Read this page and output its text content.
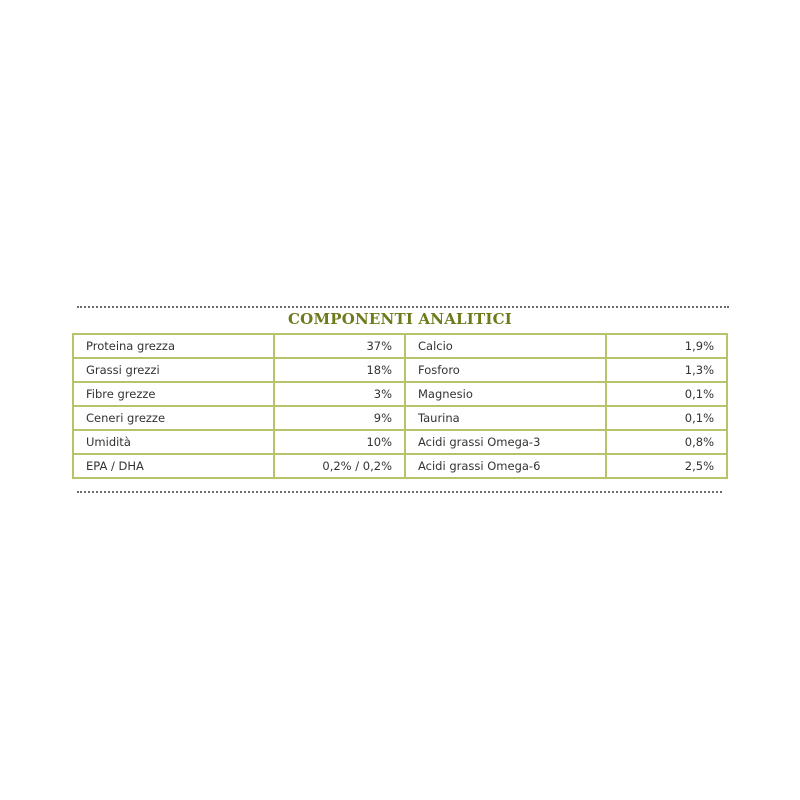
COMPONENTI ANALITICI
Proteina grezza	37%	Calcio	1,9%
Grassi grezzi	18%	Fosforo	1,3%
Fibre grezze	3%	Magnesio	0,1%
Ceneri grezze	9%	Taurina	0,1%
Umidità	10%	Acidi grassi Omega-3	0,8%
EPA / DHA	0,2% / 0,2%	Acidi grassi Omega-6	2,5%
